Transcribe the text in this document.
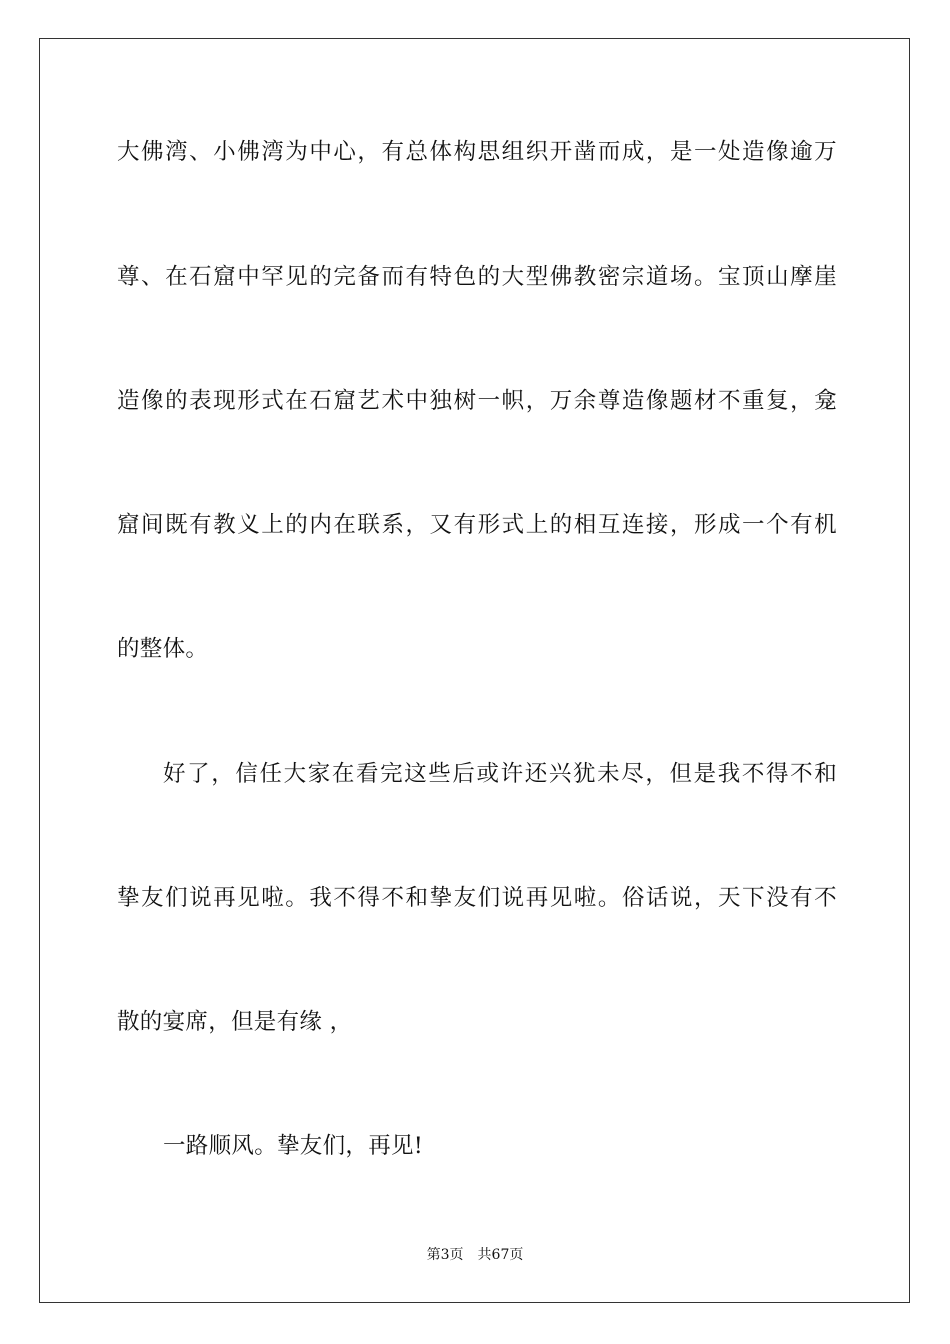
大佛湾、小佛湾为中心，有总体构思组织开凿而成，是一处造像逾万
尊、在石窟中罕见的完备而有特色的大型佛教密宗道场。宝顶山摩崖
造像的表现形式在石窟艺术中独树一帜，万余尊造像题材不重复，龛
窟间既有教义上的内在联系，又有形式上的相互连接，形成一个有机
的整体。
好了，信任大家在看完这些后或许还兴犹未尽，但是我不得不和
挚友们说再见啦。我不得不和挚友们说再见啦。俗话说，天下没有不
散的宴席，但是有缘 ，
一路顺风。挚友们，再见!
第3页 共67页
